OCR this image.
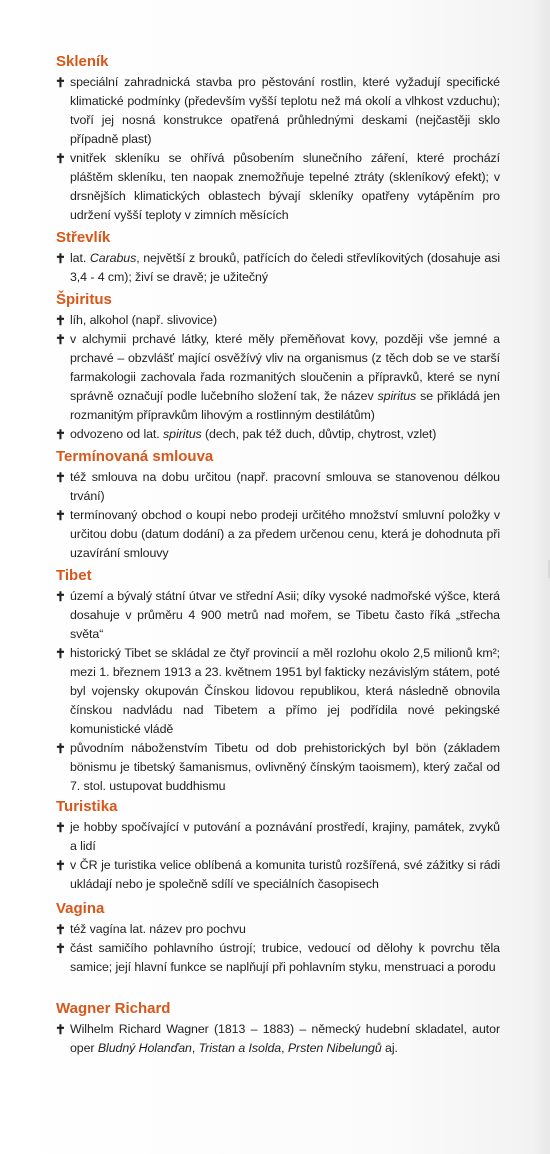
Skleník
✝ speciální zahradnická stavba pro pěstování rostlin, které vyžadují specifické klimatické podmínky (především vyšší teplotu než má okolí a vlhkost vzduchu); tvoří jej nosná konstrukce opatřená průhlednými deskami (nejčastěji sklo případně plast)
✝ vnitřek skleníku se ohřívá působením slunečního záření, které prochází pláštěm skleníku, ten naopak znemožňuje tepelné ztráty (skleníkový efekt); v drsnějších klimatických oblastech bývají skleníky opatřeny vytápěním pro udržení vyšší teploty v zimních měsících
Střevlík
✝ lat. Carabus, největší z brouků, patřících do čeledi střevlíkovitých (dosahuje asi 3,4 - 4 cm); živí se dravě; je užitečný
Špiritus
✝ líh, alkohol (např. slivovice)
✝ v alchymii prchavé látky, které měly přeměňovat kovy, později vše jemné a prchavé – obzvlášť mající osvěžívý vliv na organismus (z těch dob se ve starší farmakologii zachovala řada rozmanitých sloučenin a přípravků, které se nyní správně označují podle lučebního složení tak, že název spiritus se přikládá jen rozmanitým přípravkům lihovým a rostlinným destilátům)
✝ odvozeno od lat. spiritus (dech, pak též duch, důvtip, chytrost, vzlet)
Termínovaná smlouva
✝ též smlouva na dobu určitou (např. pracovní smlouva se stanovenou délkou trvání)
✝ termínovaný obchod o koupi nebo prodeji určitého množství smluvní položky v určitou dobu (datum dodání) a za předem určenou cenu, která je dohodnuta při uzavírání smlouvy
Tibet
✝ území a bývalý státní útvar ve střední Asii; díky vysoké nadmořské výšce, která dosahuje v průměru 4 900 metrů nad mořem, se Tibetu často říká „střecha světa“
✝ historický Tibet se skládal ze čtyř provincií a měl rozlohu okolo 2,5 milionů km²; mezi 1. březnem 1913 a 23. květnem 1951 byl fakticky nezávislým státem, poté byl vojensky okupován Čínskou lidovou republikou, která následně obnovila čínskou nadvládu nad Tibetem a přímo jej podřídila nové pekingské komunistické vládě
✝ původním náboženstvím Tibetu od dob prehistorických byl bön (základem bönismu je tibetský šamanismus, ovlivněný čínským taoismem), který začal od 7. stol. ustupovat buddhismu
Turistika
✝ je hobby spočívající v putování a poznávání prostředí, krajiny, památek, zvyků a lidí
✝ v ČR je turistika velice oblíbená a komunita turistů rozšířená, své zážitky si rádi ukládají nebo je společně sdílí ve speciálních časopisech
Vagina
✝ též vagína lat. název pro pochvu
✝ část samičího pohlavního ústrojí; trubice, vedoucí od dělohy k povrchu těla samice; její hlavní funkce se naplňují při pohlavním styku, menstruaci a porodu
Wagner Richard
✝ Wilhelm Richard Wagner (1813 – 1883) – německý hudební skladatel, autor oper Bludný Holanďan, Tristan a Isolda, Prsten Nibelungů aj.
